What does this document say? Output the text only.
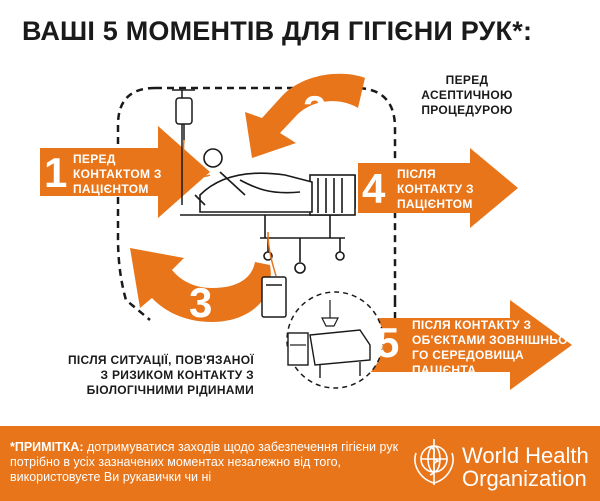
ВАШІ 5 МОМЕНТІВ ДЛЯ ГІГІЄНИ РУК*:
1
2
3
4
5
ПЕРЕД
КОНТАКТОМ З
ПАЦІЄНТОМ
ПЕРЕД АСЕПТИЧНОЮ
ПРОЦЕДУРОЮ
ПІСЛЯ СИТУАЦІЇ, ПОВ'ЯЗАНОЇ
З РИЗИКОМ КОНТАКТУ З
БІОЛОГІЧНИМИ РІДИНАМИ
ПІСЛЯ
КОНТАКТУ З
ПАЦІЄНТОМ
ПІСЛЯ КОНТАКТУ З
ОБ'ЄКТАМИ ЗОВНІШНЬО-
ГО СЕРЕДОВИЩА
ПАЦІЄНТА
*ПРИМІТКА: дотримуватися заходів щодо забезпечення гігієни рук потрібно в усіх зазначених моментах незалежно від того, використовуєте Ви рукавички чи ні
World Health
Organization
